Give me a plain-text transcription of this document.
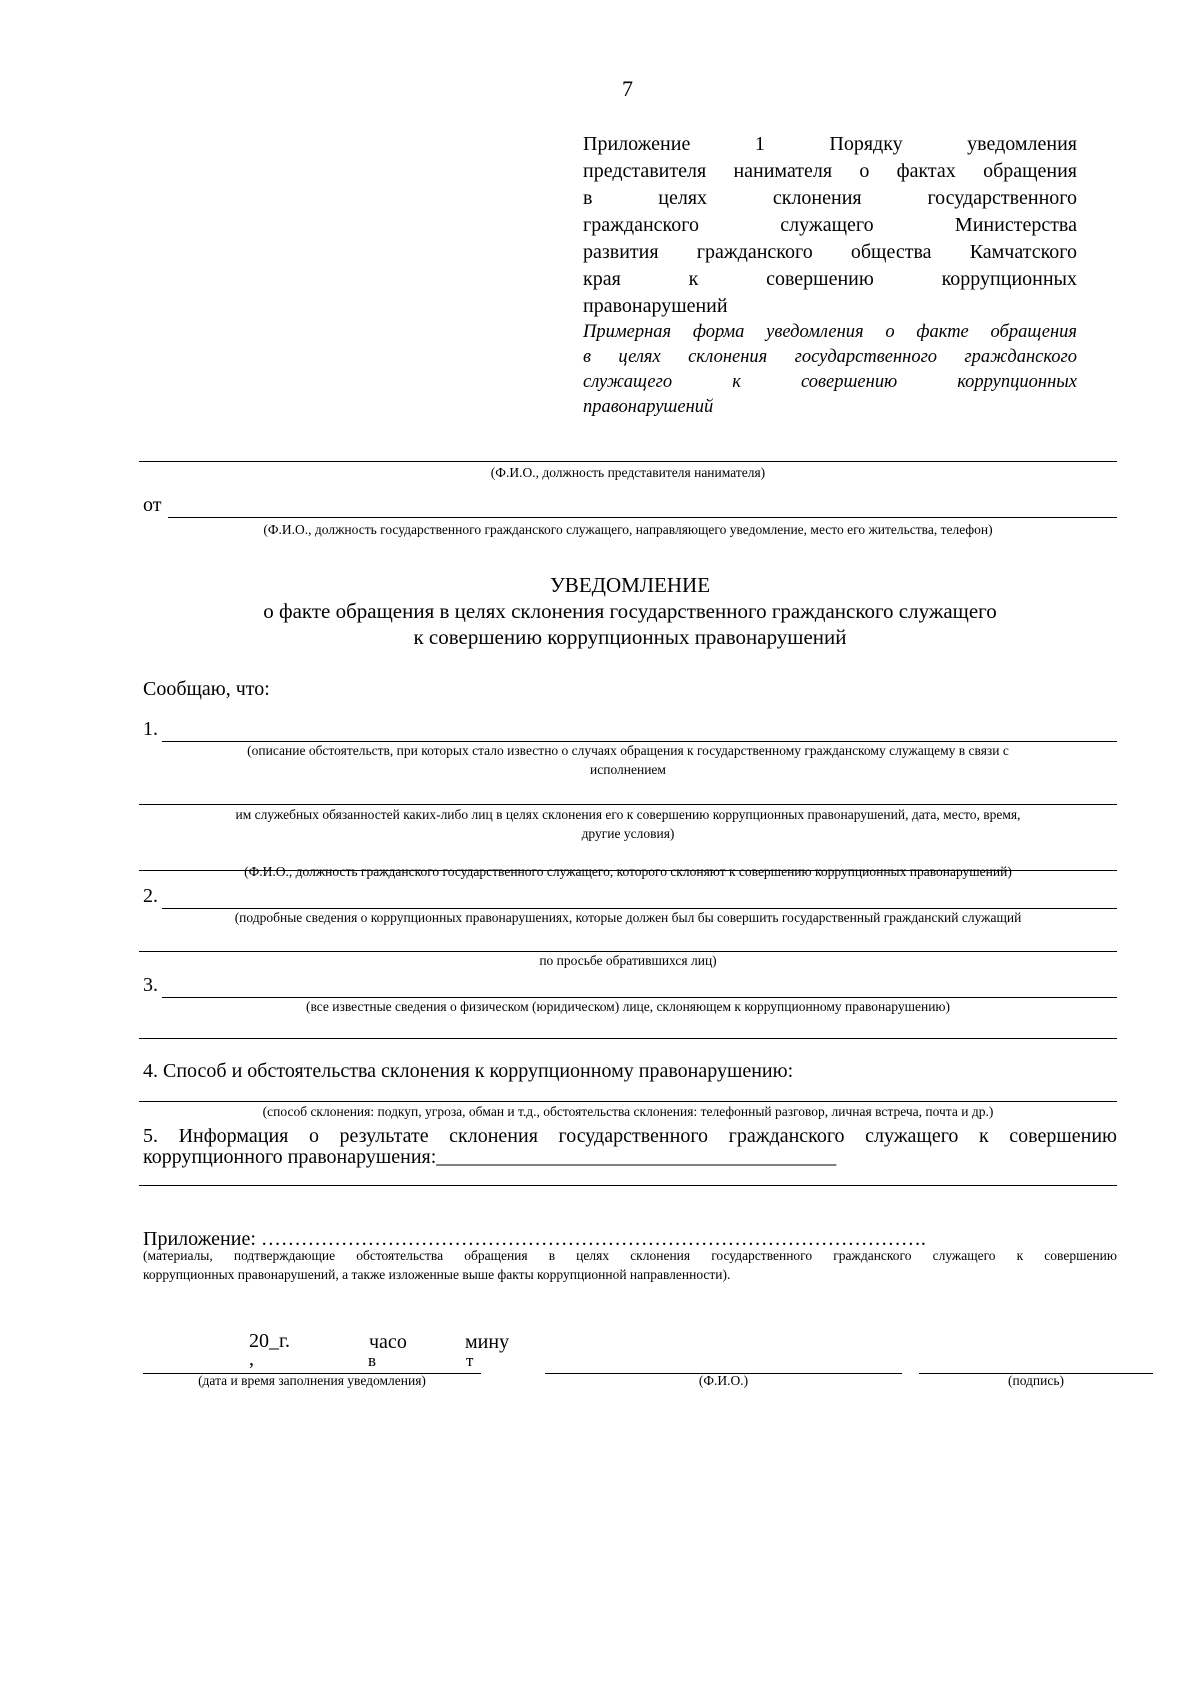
7

Приложение 1 Порядку уведомления

представителя нанимателя о фактах обращения

в целях склонения государственного

гражданского служащего Министерства

развития гражданского общества Камчатского

края к совершению коррупционных

правонарушений

Примерная форма уведомления о факте обращения

в целях склонения государственного гражданского

служащего к совершению коррупционных

правонарушений

(Ф.И.О., должность представителя нанимателя)
от
(Ф.И.О., должность государственного гражданского служащего, направляющего уведомление, место его жительства, телефон)
УВЕДОМЛЕНИЕ
о факте обращения в целях склонения государственного гражданского служащего
к совершению коррупционных правонарушений
Сообщаю, что:
1.
(описание обстоятельств, при которых стало известно о случаях обращения к государственному гражданскому служащему в связи с
исполнением
им служебных обязанностей каких-либо лиц в целях склонения его к совершению коррупционных правонарушений, дата, место, время,
другие условия)
(Ф.И.О., должность гражданского государственного служащего, которого склоняют к совершению коррупционных правонарушений)
2.
(подробные сведения о коррупционных правонарушениях, которые должен был бы совершить государственный гражданский служащий
по просьбе обратившихся лиц)
3.
(все известные сведения о физическом (юридическом) лице, склоняющем к коррупционному правонарушению)
4. Способ и обстоятельства склонения к коррупционному правонарушению:
(способ склонения: подкуп, угроза, обман и т.д., обстоятельства склонения: телефонный разговор, личная встреча, почта и др.)
5. Информация о результате склонения государственного гражданского служащего к совершению
коррупционного правонарушения:________________________________________
Приложение: ……………………………………………………………………………………….
(материалы, подтверждающие обстоятельства обращения в целях склонения государственного гражданского служащего к совершению
коррупционных правонарушений, а также изложенные выше факты коррупционной направленности).
20_г.
,
часо
в
мину
т
(дата и время заполнения уведомления)	(Ф.И.О.)	(подпись)
